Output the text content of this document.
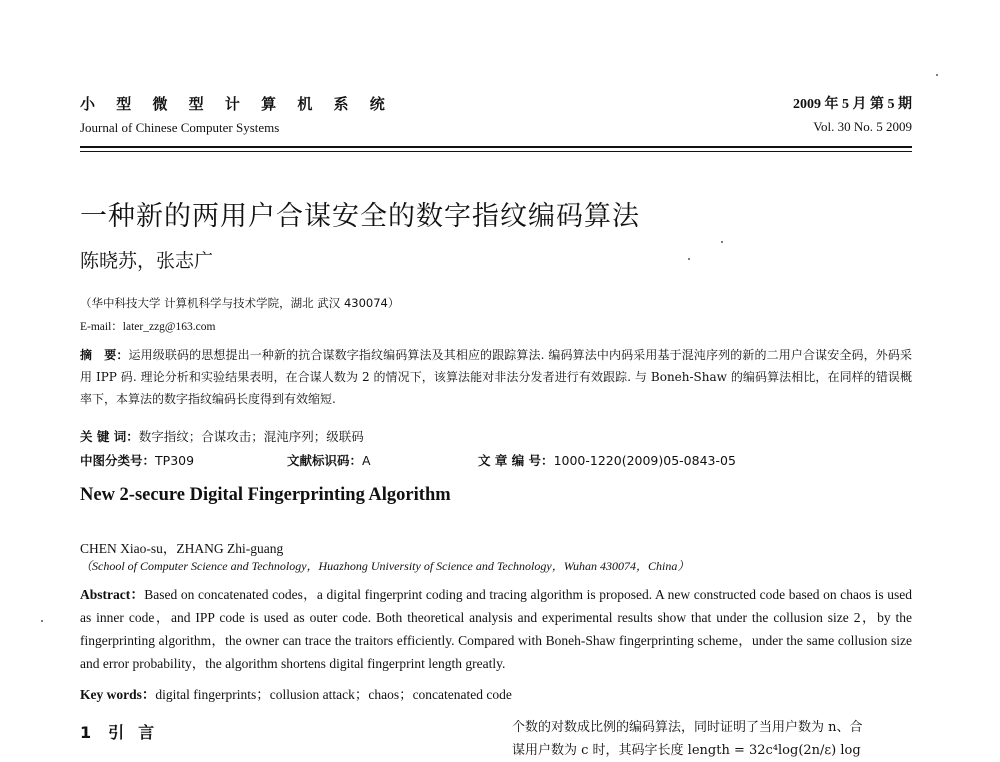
小 型 微 型 计 算 机 系 统
Journal of Chinese Computer Systems
2009 年 5 月 第 5 期
Vol. 30 No. 5 2009
一种新的两用户合谋安全的数字指纹编码算法
陈晓苏，张志广
（华中科技大学 计算机科学与技术学院，湖北 武汉 430074）
E-mail：later_zzg@163.com
摘　要：运用级联码的思想提出一种新的抗合谋数字指纹编码算法及其相应的跟踪算法. 编码算法中内码采用基于混沌序列的新的二用户合谋安全码，外码采用 IPP 码. 理论分析和实验结果表明，在合谋人数为 2 的情况下，该算法能对非法分发者进行有效跟踪. 与 Boneh-Shaw 的编码算法相比，在同样的错误概率下，本算法的数字指纹编码长度得到有效缩短.
关 键 词：数字指纹；合谋攻击；混沌序列；级联码
中图分类号：TP309	文献标识码：A	文 章 编 号：1000-1220(2009)05-0843-05
New 2-secure Digital Fingerprinting Algorithm
CHEN Xiao-su，ZHANG Zhi-guang
（School of Computer Science and Technology，Huazhong University of Science and Technology，Wuhan 430074，China）
Abstract：Based on concatenated codes，a digital fingerprint coding and tracing algorithm is proposed. A new constructed code based on chaos is used as inner code，and IPP code is used as outer code. Both theoretical analysis and experimental results show that under the collusion size 2，by the fingerprinting algorithm，the owner can trace the traitors efficiently. Compared with Boneh-Shaw fingerprinting scheme，under the same collusion size and error probability，the algorithm shortens digital fingerprint length greatly.
Key words：digital fingerprints；collusion attack；chaos；concatenated code
1 引言	个数的对数成比例的编码算法，同时证明了当用户数为 n、合
谋用户数为 c 时，其码字长度 length = 32c⁴log(2n/ε) log
